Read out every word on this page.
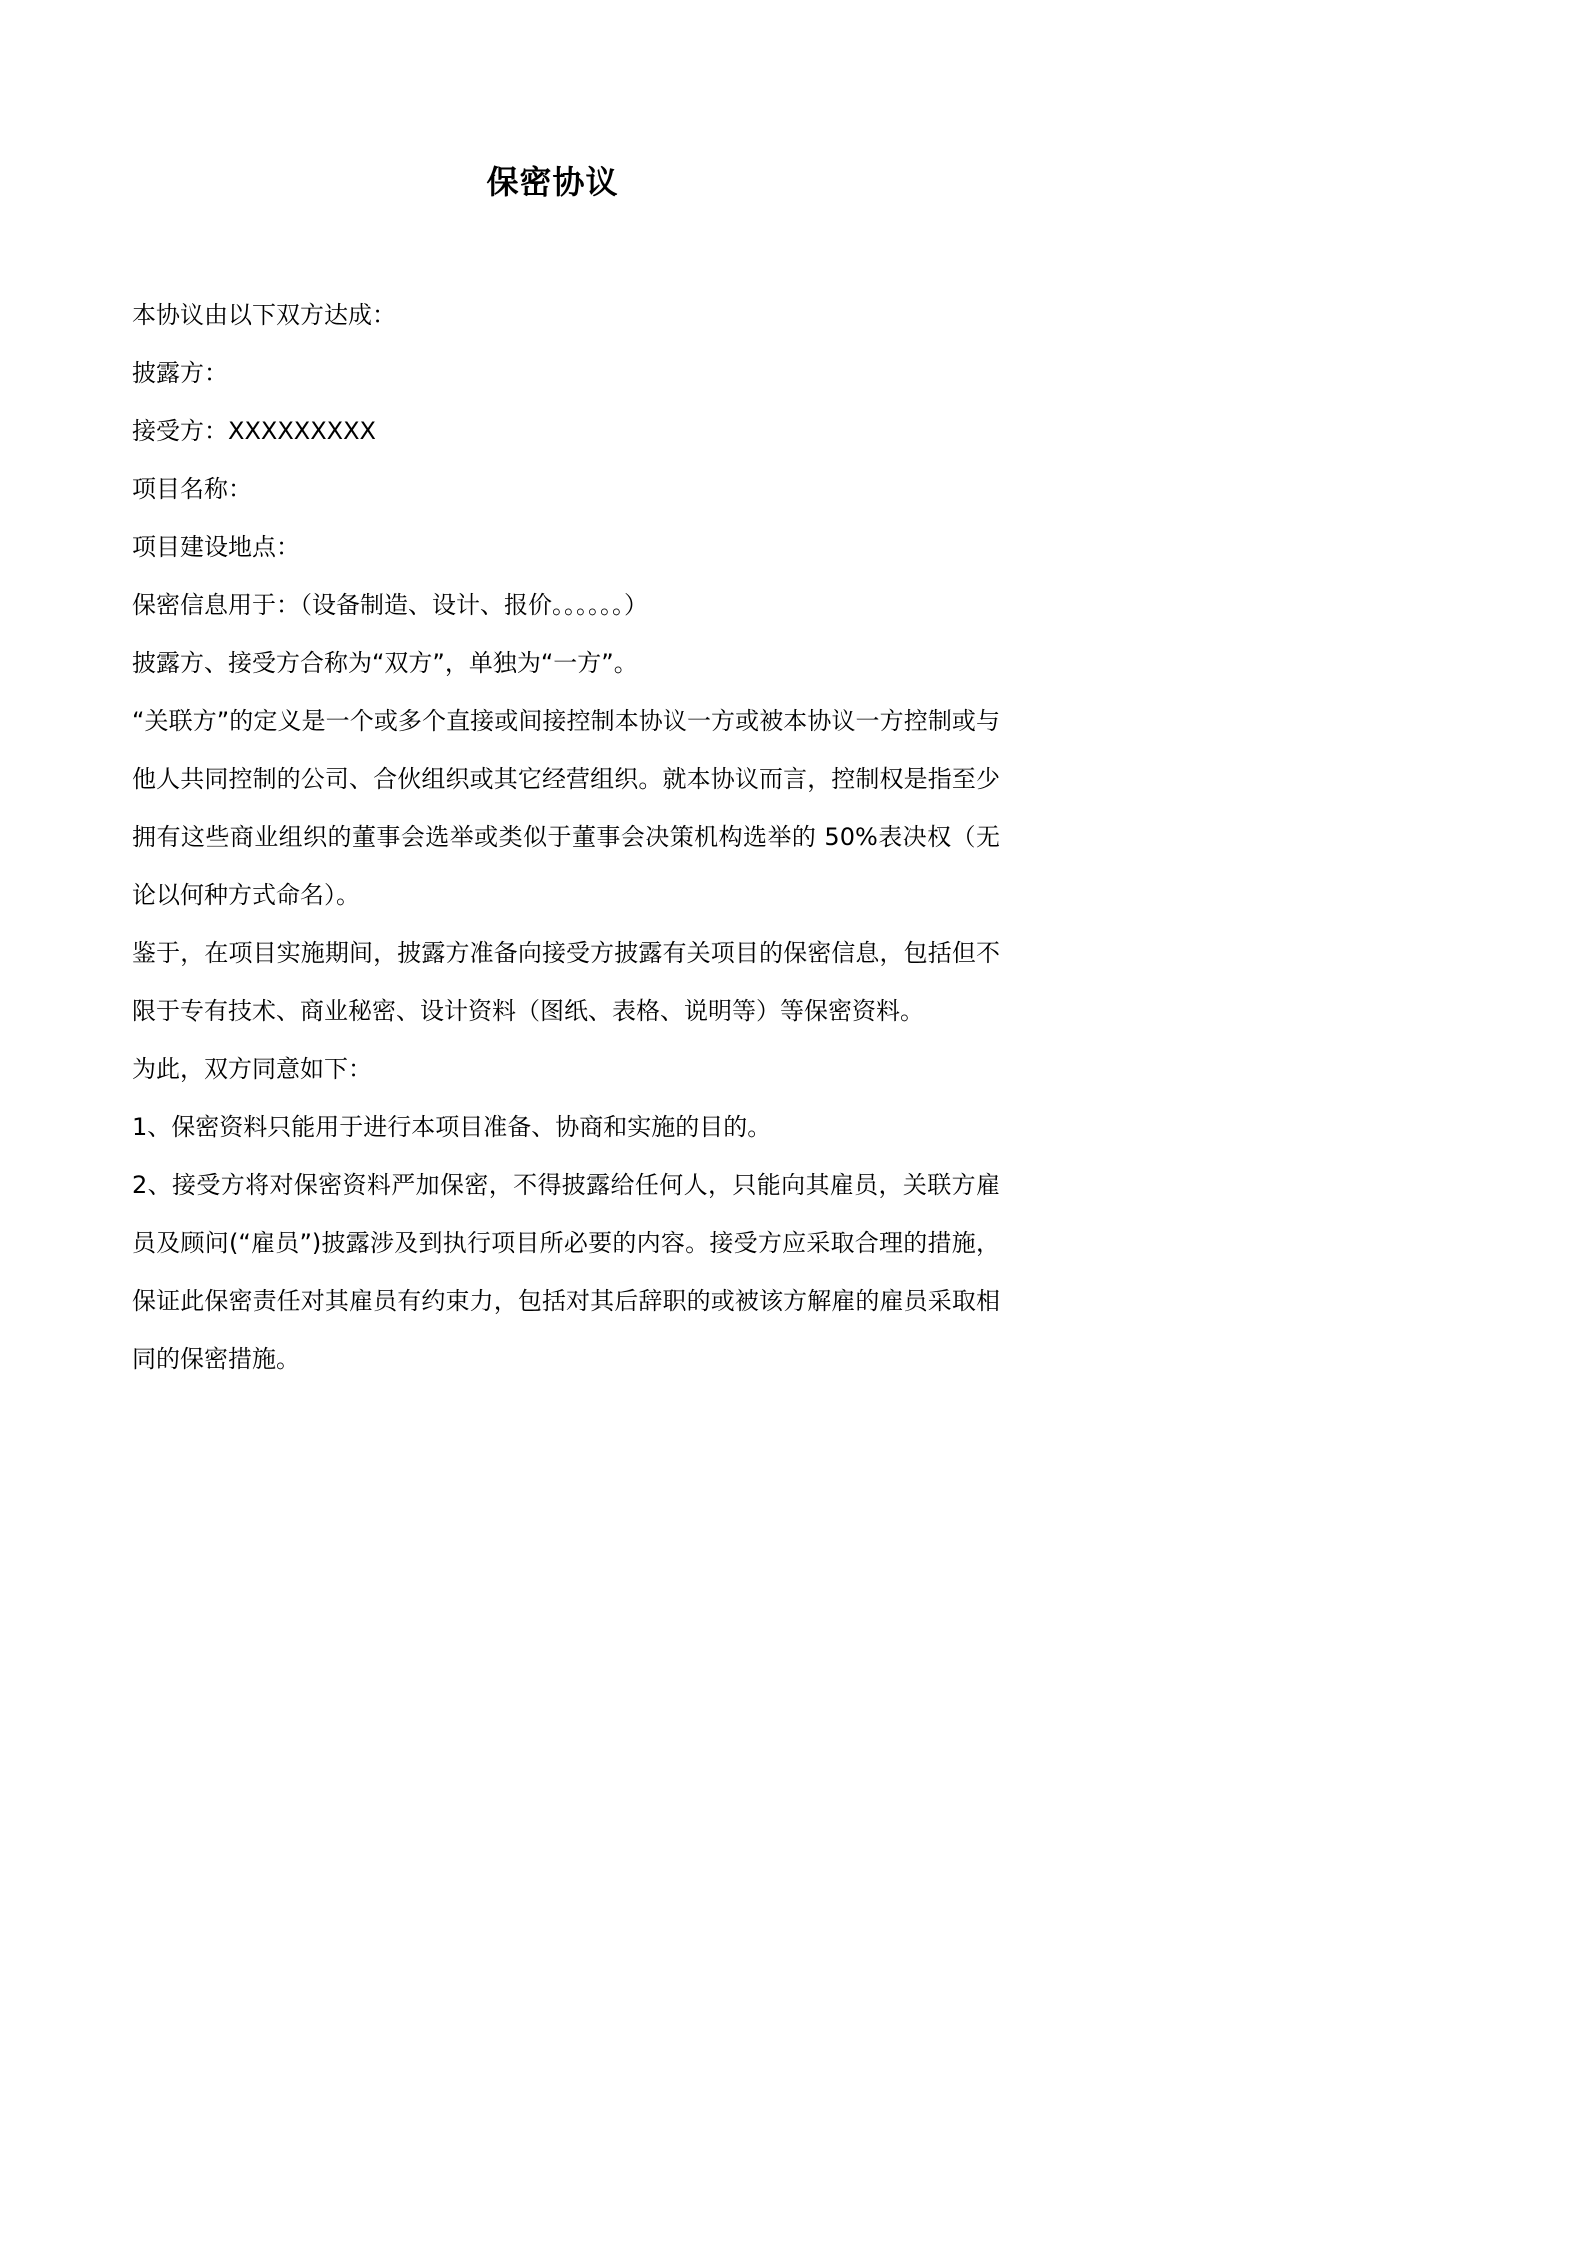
保密协议
本协议由以下双方达成：
披露方：
接受方：XXXXXXXXX
项目名称：
项目建设地点：
保密信息用于：（设备制造、设计、报价。。。。。。）
披露方、接受方合称为“双方”，单独为“一方”。
“关联方”的定义是一个或多个直接或间接控制本协议一方或被本协议一方控制或与他人共同控制的公司、合伙组织或其它经营组织。就本协议而言，控制权是指至少拥有这些商业组织的董事会选举或类似于董事会决策机构选举的 50%表决权（无论以何种方式命名）。
鉴于，在项目实施期间，披露方准备向接受方披露有关项目的保密信息，包括但不限于专有技术、商业秘密、设计资料（图纸、表格、说明等）等保密资料。
为此，双方同意如下：
1、保密资料只能用于进行本项目准备、协商和实施的目的。
2、接受方将对保密资料严加保密，不得披露给任何人，只能向其雇员，关联方雇员及顾问(“雇员”)披露涉及到执行项目所必要的内容。接受方应采取合理的措施，保证此保密责任对其雇员有约束力，包括对其后辞职的或被该方解雇的雇员采取相同的保密措施。
